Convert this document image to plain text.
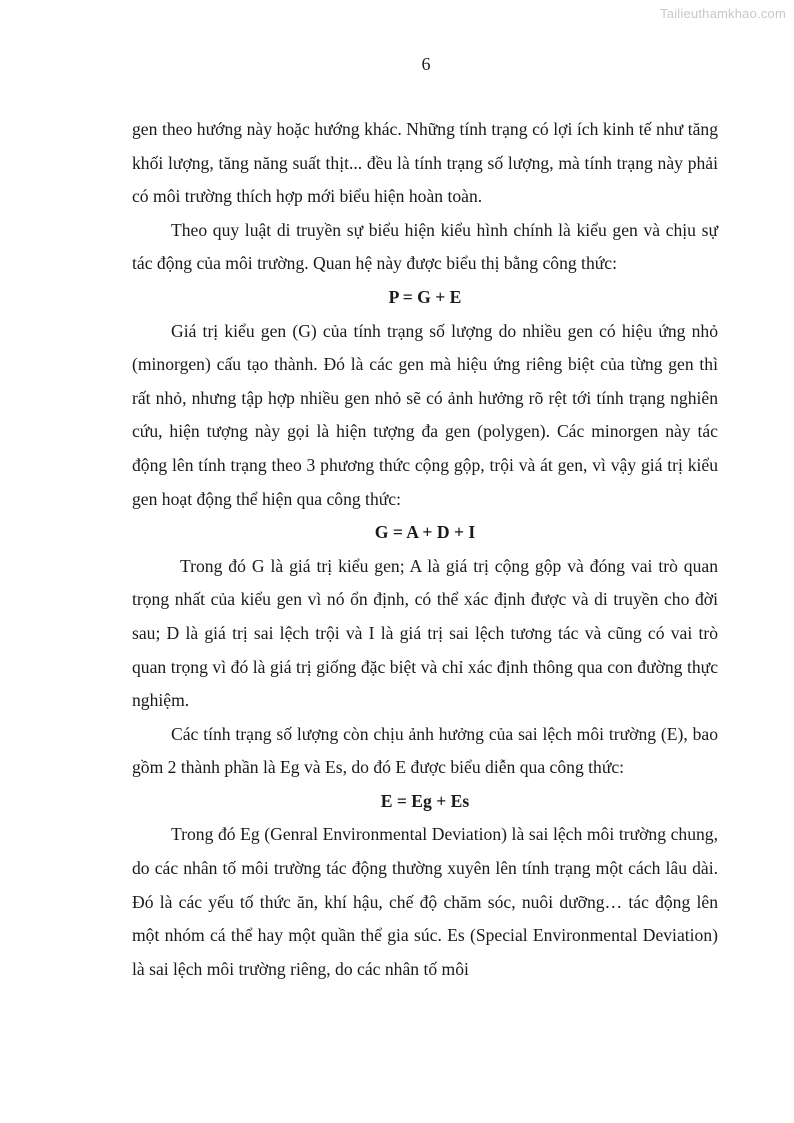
Tailieuthamkhao.com
6

gen theo hướng này hoặc hướng khác. Những tính trạng có lợi ích kinh tế như tăng khối lượng, tăng năng suất thịt... đều là tính trạng số lượng, mà tính trạng này phải có môi trường thích hợp mới biểu hiện hoàn toàn.

Theo quy luật di truyền sự biểu hiện kiểu hình chính là kiểu gen và chịu sự tác động của môi trường. Quan hệ này được biểu thị bằng công thức:

P = G + E

Giá trị kiểu gen (G) của tính trạng số lượng do nhiều gen có hiệu ứng nhỏ (minorgen) cấu tạo thành. Đó là các gen mà hiệu ứng riêng biệt của từng gen thì rất nhỏ, nhưng tập hợp nhiều gen nhỏ sẽ có ảnh hưởng rõ rệt tới tính trạng nghiên cứu, hiện tượng này gọi là hiện tượng đa gen (polygen). Các minorgen này tác động lên tính trạng theo 3 phương thức cộng gộp, trội và át gen, vì vậy giá trị kiểu gen hoạt động thể hiện qua công thức:

G = A + D + I

Trong đó G là giá trị kiểu gen; A là giá trị cộng gộp và đóng vai trò quan trọng nhất của kiểu gen vì nó ổn định, có thể xác định được và di truyền cho đời sau; D là giá trị sai lệch trội và I là giá trị sai lệch tương tác và cũng có vai trò quan trọng vì đó là giá trị giống đặc biệt và chỉ xác định thông qua con đường thực nghiệm.

Các tính trạng số lượng còn chịu ảnh hưởng của sai lệch môi trường (E), bao gồm 2 thành phần là Eg và Es, do đó E được biểu diễn qua công thức:

E = Eg + Es

Trong đó Eg (Genral Environmental Deviation) là sai lệch môi trường chung, do các nhân tố môi trường tác động thường xuyên lên tính trạng một cách lâu dài. Đó là các yếu tố thức ăn, khí hậu, chế độ chăm sóc, nuôi dưỡng… tác động lên một nhóm cá thể hay một quần thể gia súc. Es (Special Environmental Deviation) là sai lệch môi trường riêng, do các nhân tố môi
